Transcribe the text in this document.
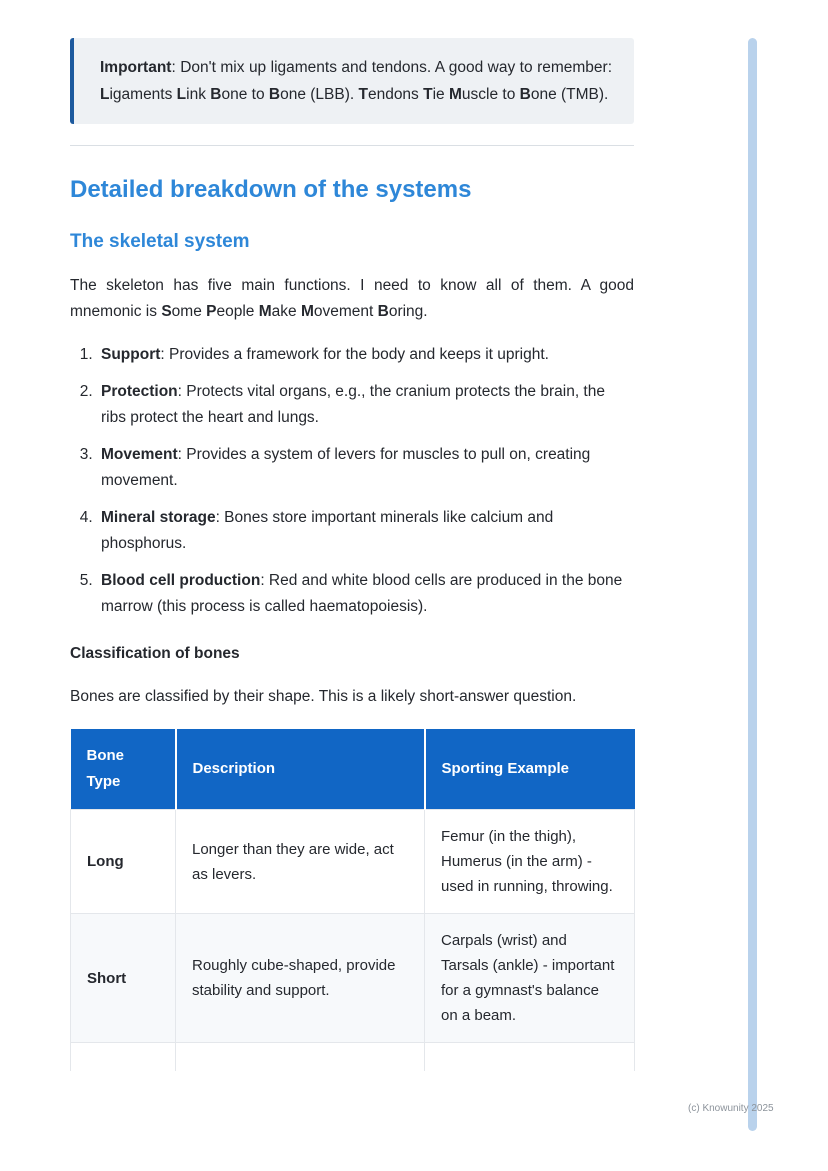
Important: Don't mix up ligaments and tendons. A good way to remember: Ligaments Link Bone to Bone (LBB). Tendons Tie Muscle to Bone (TMB).

Detailed breakdown of the systems
The skeletal system

The skeleton has five main functions. I need to know all of them. A good mnemonic is Some People Make Movement Boring.

1. Support: Provides a framework for the body and keeps it upright.
2. Protection: Protects vital organs, e.g., the cranium protects the brain, the ribs protect the heart and lungs.
3. Movement: Provides a system of levers for muscles to pull on, creating movement.
4. Mineral storage: Bones store important minerals like calcium and phosphorus.
5. Blood cell production: Red and white blood cells are produced in the bone marrow (this process is called haematopoiesis).

Classification of bones

Bones are classified by their shape. This is a likely short-answer question.

Bone Type	Description	Sporting Example
Long	Longer than they are wide, act as levers.	Femur (in the thigh), Humerus (in the arm) - used in running, throwing.
Short	Roughly cube-shaped, provide stability and support.	Carpals (wrist) and Tarsals (ankle) - important for a gymnast's balance on a beam.

(c) Knowunity 2025
